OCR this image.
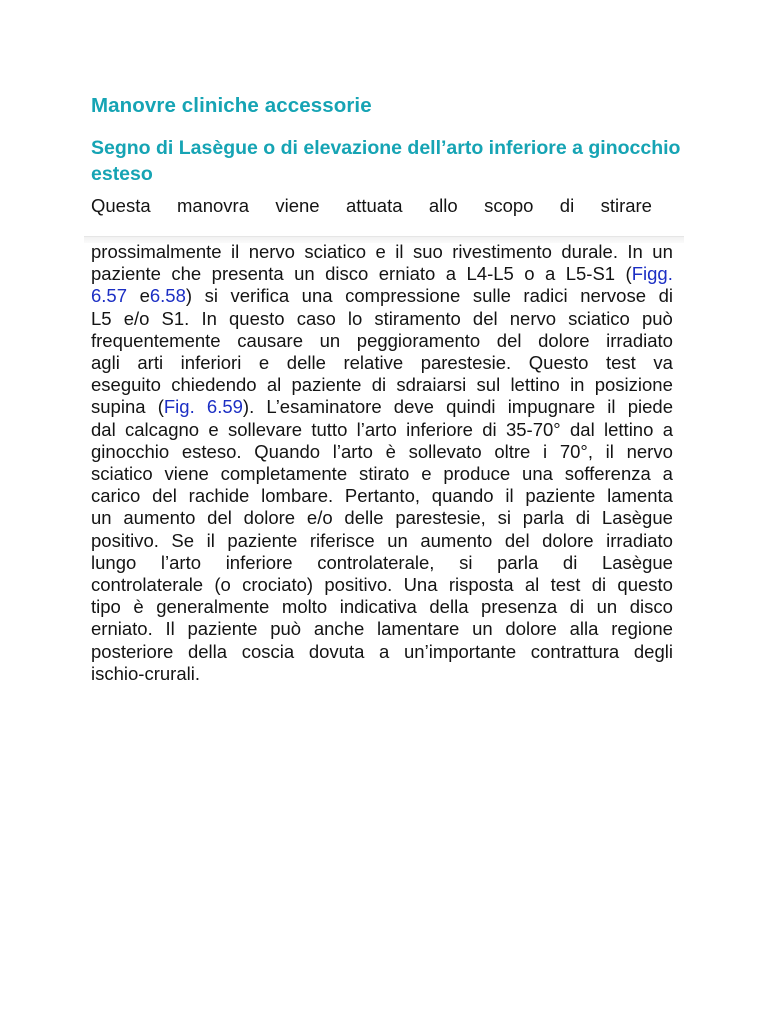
Manovre cliniche accessorie
Segno di Lasègue o di elevazione dell’arto inferiore a ginocchio esteso

Questa manovra viene attuata allo scopo di stirare

prossimalmente il nervo sciatico e il suo rivestimento durale. In un

paziente che presenta un disco erniato a L4-L5 o a L5-S1 (Figg.

6.57 e6.58) si verifica una compressione sulle radici nervose di

L5 e/o S1. In questo caso lo stiramento del nervo sciatico può

frequentemente causare un peggioramento del dolore irradiato

agli arti inferiori e delle relative parestesie. Questo test va

eseguito chiedendo al paziente di sdraiarsi sul lettino in posizione

supina (Fig. 6.59). L’esaminatore deve quindi impugnare il piede

dal calcagno e sollevare tutto l’arto inferiore di 35-70° dal lettino a

ginocchio esteso. Quando l’arto è sollevato oltre i 70°, il nervo

sciatico viene completamente stirato e produce una sofferenza a

carico del rachide lombare. Pertanto, quando il paziente lamenta

un aumento del dolore e/o delle parestesie, si parla di Lasègue

positivo. Se il paziente riferisce un aumento del dolore irradiato

lungo l’arto inferiore controlaterale, si parla di Lasègue

controlaterale (o crociato) positivo. Una risposta al test di questo

tipo è generalmente molto indicativa della presenza di un disco

erniato. Il paziente può anche lamentare un dolore alla regione

posteriore della coscia dovuta a un’importante contrattura degli

ischio-crurali.
